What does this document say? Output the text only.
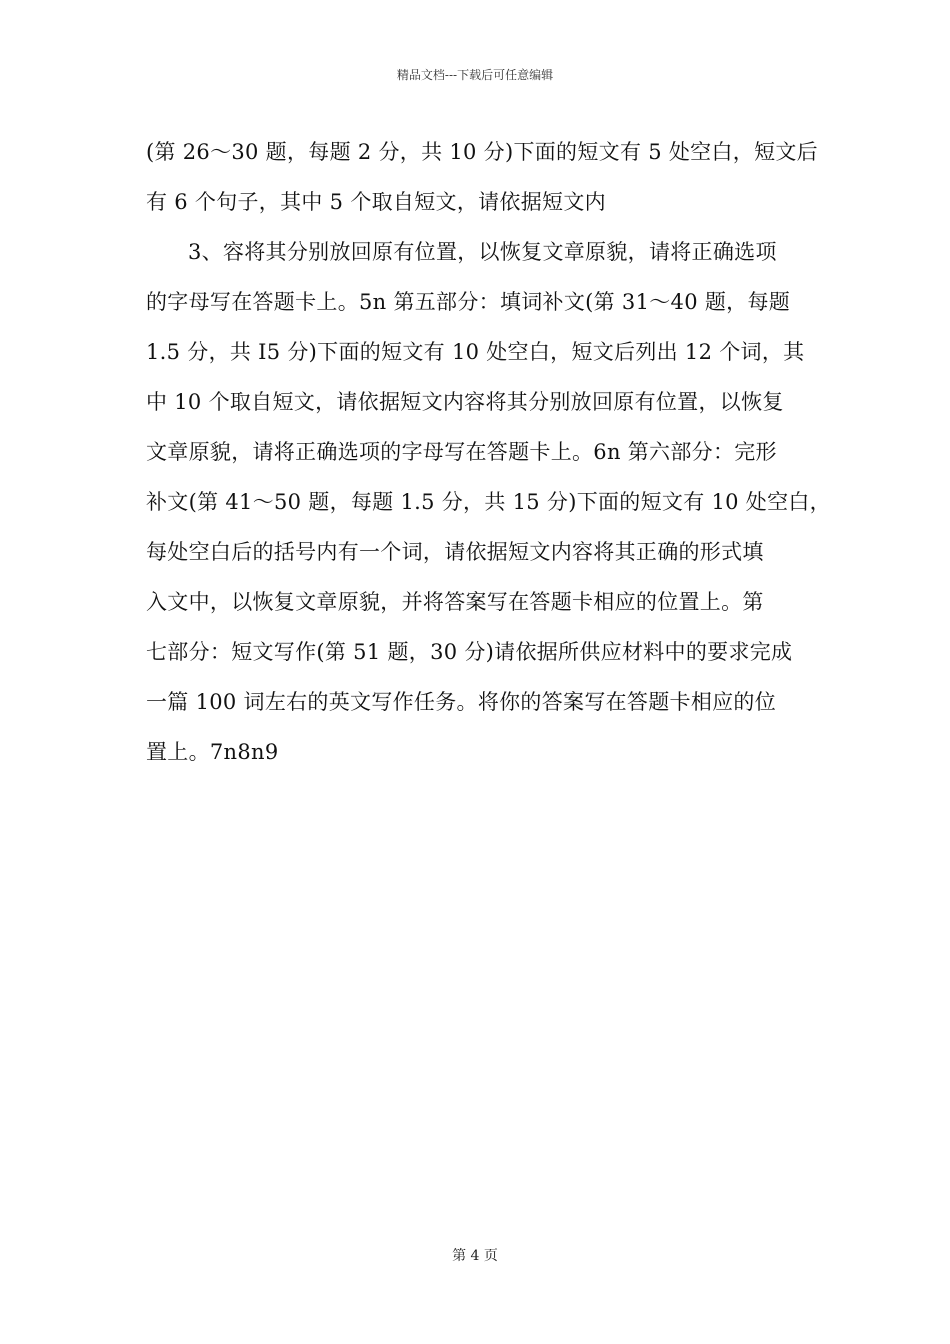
精品文档---下载后可任意编辑
(第 26～30 题，每题 2 分，共 10 分)下面的短文有 5 处空白，短文后
有 6 个句子，其中 5 个取自短文，请依据短文内
3、容将其分别放回原有位置，以恢复文章原貌，请将正确选项
的字母写在答题卡上。5n 第五部分：填词补文(第 31～40 题，每题
1.5 分，共 I5 分)下面的短文有 10 处空白，短文后列出 12 个词，其
中 10 个取自短文，请依据短文内容将其分别放回原有位置，以恢复
文章原貌，请将正确选项的字母写在答题卡上。6n 第六部分：完形
补文(第 41～50 题，每题 1.5 分，共 15 分)下面的短文有 10 处空白，
每处空白后的括号内有一个词，请依据短文内容将其正确的形式填
入文中，以恢复文章原貌，并将答案写在答题卡相应的位置上。第
七部分：短文写作(第 51 题，30 分)请依据所供应材料中的要求完成
一篇 100 词左右的英文写作任务。将你的答案写在答题卡相应的位
置上。7n8n9
第 4 页
